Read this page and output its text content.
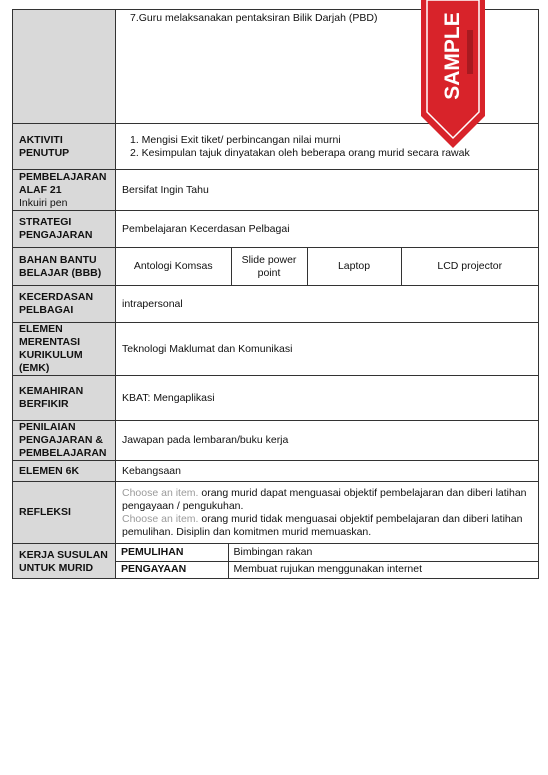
	7.Guru melaksanakan pentaksiran Bilik Darjah (PBD)

AKTIVITI
PENUTUP

1. Mengisi Exit tiket/ perbincangan nilai murni
2. Kesimpulan tajuk dinyatakan oleh beberapa orang murid secara rawak

PEMBELAJARAN
ALAF 21
Inkuiri pen
	Bersifat Ingin Tahu

STRATEGI
PENGAJARAN
	Pembelajaran Kecerdasan Pelbagai

BAHAN BANTU
BELAJAR (BBB)

Antologi Komsas	Slide power point	Laptop	LCD projector

KECERDASAN
PELBAGAI
	intrapersonal

ELEMEN
MERENTASI
KURIKULUM
(EMK)
	Teknologi Maklumat dan Komunikasi

KEMAHIRAN
BERFIKIR
	KBAT: Mengaplikasi

PENILAIAN
PENGAJARAN &
PEMBELAJARAN
	Jawapan pada lembaran/buku kerja
ELEMEN 6K	Kebangsaan
REFLEKSI	Choose an item. orang murid dapat menguasai objektif pembelajaran dan diberi latihan
pengayaan / pengukuhan.
Choose an item. orang murid tidak menguasai objektif pembelajaran dan diberi latihan
pemulihan. Disiplin dan komitmen murid memuaskan.

KERJA SUSULAN
UNTUK MURID

PEMULIHAN	Bimbingan rakan
PENGAYAAN	Membuat rujukan menggunakan internet
SAMPLE
